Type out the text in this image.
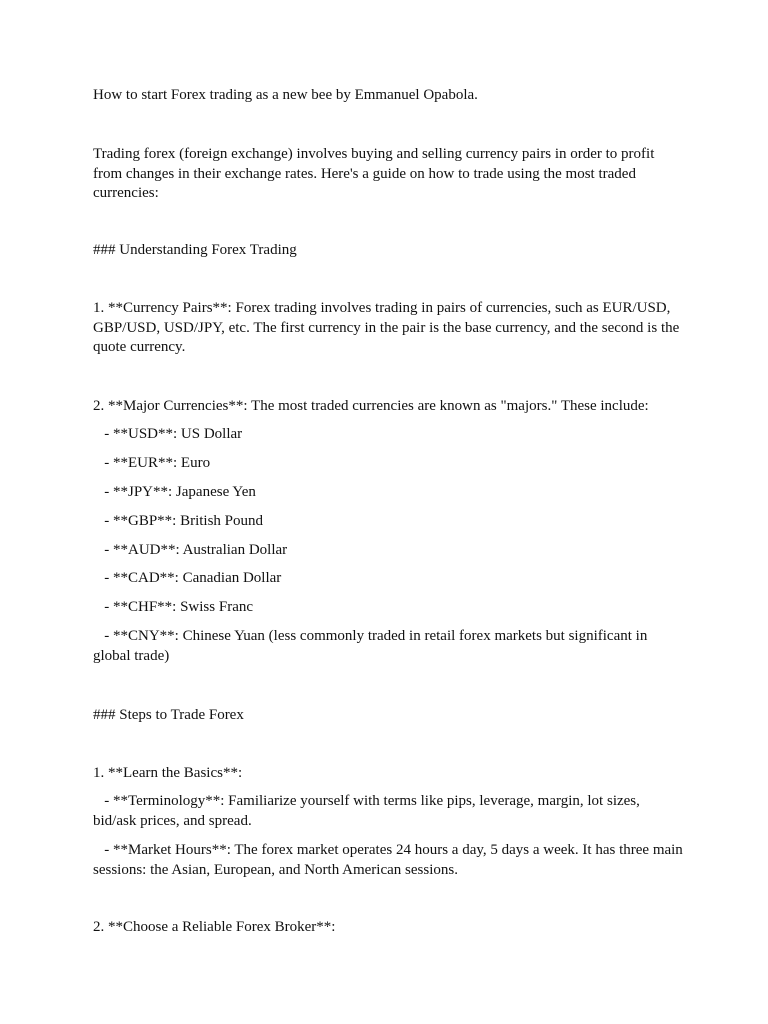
How to start Forex trading as a new bee by Emmanuel Opabola.

Trading forex (foreign exchange) involves buying and selling currency pairs in order to profit from changes in their exchange rates. Here's a guide on how to trade using the most traded currencies:

### Understanding Forex Trading

1. **Currency Pairs**: Forex trading involves trading in pairs of currencies, such as EUR/USD, GBP/USD, USD/JPY, etc. The first currency in the pair is the base currency, and the second is the quote currency.

2. **Major Currencies**: The most traded currencies are known as "majors." These include:

- **USD**: US Dollar

- **EUR**: Euro

- **JPY**: Japanese Yen

- **GBP**: British Pound

- **AUD**: Australian Dollar

- **CAD**: Canadian Dollar

- **CHF**: Swiss Franc

- **CNY**: Chinese Yuan (less commonly traded in retail forex markets but significant in global trade)

### Steps to Trade Forex

1. **Learn the Basics**:

- **Terminology**: Familiarize yourself with terms like pips, leverage, margin, lot sizes, bid/ask prices, and spread.

- **Market Hours**: The forex market operates 24 hours a day, 5 days a week. It has three main sessions: the Asian, European, and North American sessions.

2. **Choose a Reliable Forex Broker**:
